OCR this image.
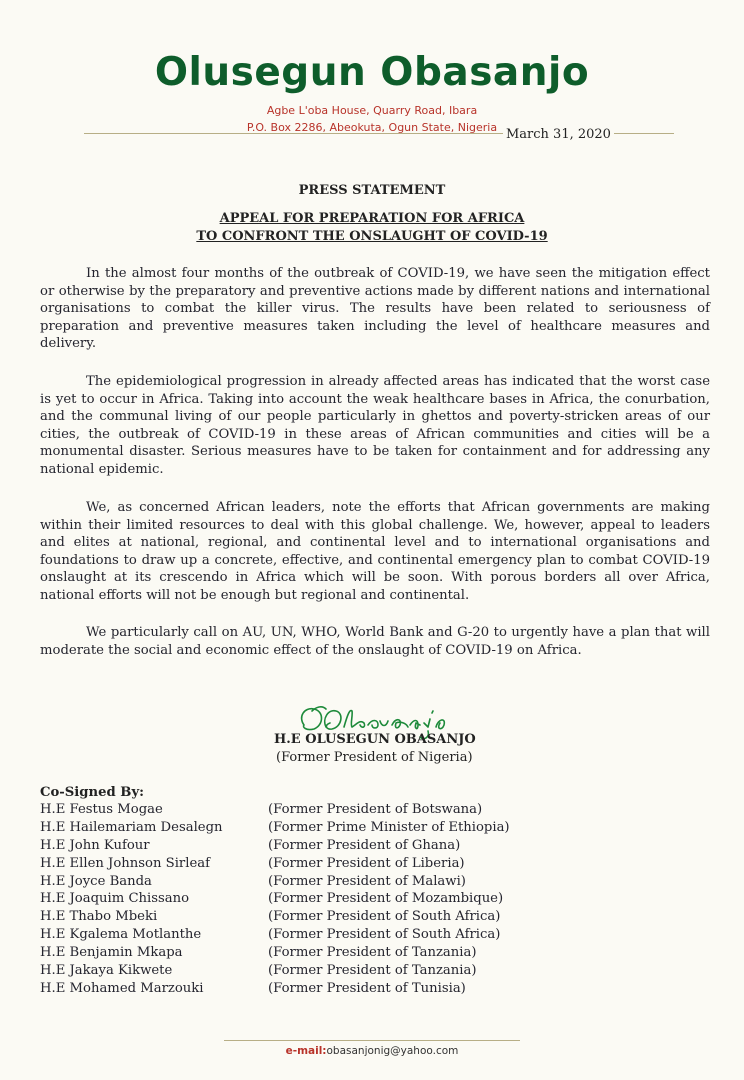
Olusegun Obasanjo
Agbe L'oba House, Quarry Road, Ibara
P.O. Box 2286, Abeokuta, Ogun State, Nigeria March 31, 2020
PRESS STATEMENT
APPEAL FOR PREPARATION FOR AFRICA
TO CONFRONT THE ONSLAUGHT OF COVID-19
In the almost four months of the outbreak of COVID-19, we have seen the mitigation effect or otherwise by the preparatory and preventive actions made by different nations and international organisations to combat the killer virus. The results have been related to seriousness of preparation and preventive measures taken including the level of healthcare measures and delivery.
The epidemiological progression in already affected areas has indicated that the worst case is yet to occur in Africa. Taking into account the weak healthcare bases in Africa, the conurbation, and the communal living of our people particularly in ghettos and poverty-stricken areas of our cities, the outbreak of COVID-19 in these areas of African communities and cities will be a monumental disaster. Serious measures have to be taken for containment and for addressing any national epidemic.
We, as concerned African leaders, note the efforts that African governments are making within their limited resources to deal with this global challenge. We, however, appeal to leaders and elites at national, regional, and continental level and to international organisations and foundations to draw up a concrete, effective, and continental emergency plan to combat COVID-19 onslaught at its crescendo in Africa which will be soon. With porous borders all over Africa, national efforts will not be enough but regional and continental.
We particularly call on AU, UN, WHO, World Bank and G-20 to urgently have a plan that will moderate the social and economic effect of the onslaught of COVID-19 on Africa.
H.E OLUSEGUN OBASANJO
(Former President of Nigeria)
Co-Signed By:
H.E Festus Mogae	(Former President of Botswana)
H.E Hailemariam Desalegn	(Former Prime Minister of Ethiopia)
H.E John Kufour	(Former President of Ghana)
H.E Ellen Johnson Sirleaf	(Former President of Liberia)
H.E Joyce Banda	(Former President of Malawi)
H.E Joaquim Chissano	(Former President of Mozambique)
H.E Thabo Mbeki	(Former President of South Africa)
H.E Kgalema Motlanthe	(Former President of South Africa)
H.E Benjamin Mkapa	(Former President of Tanzania)
H.E Jakaya Kikwete	(Former President of Tanzania)
H.E Mohamed Marzouki	(Former President of Tunisia)
e-mail:obasanjonig@yahoo.com
